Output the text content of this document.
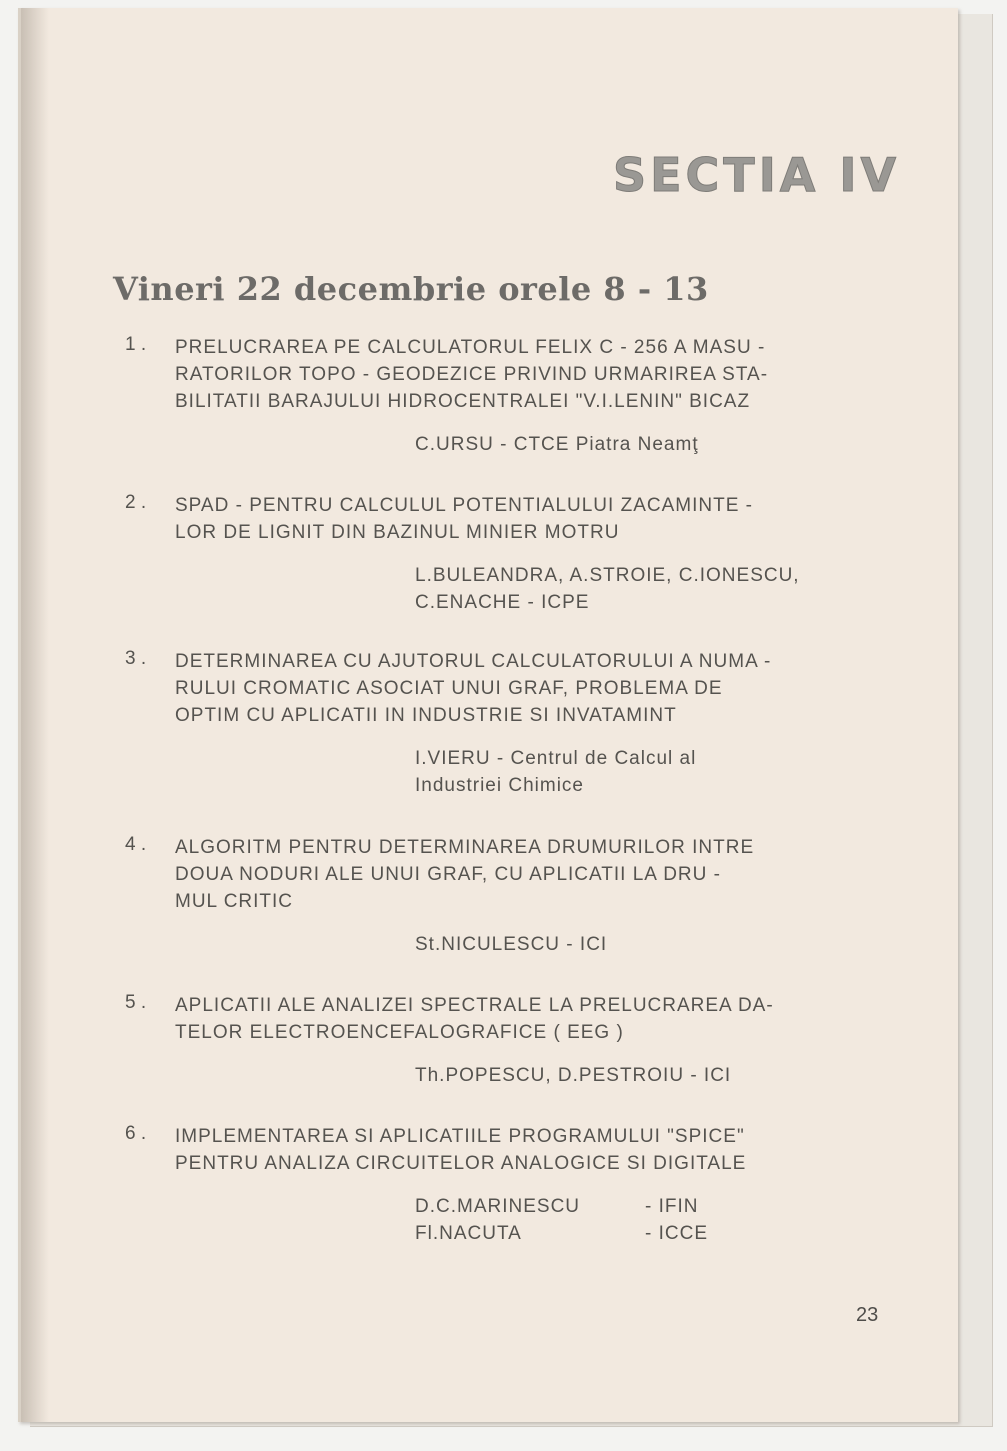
SECTIA IV
Vineri 22 decembrie orele 8 - 13
1 . PRELUCRAREA PE CALCULATORUL FELIX C - 256 A MASU -
RATORILOR TOPO - GEODEZICE PRIVIND URMARIREA STA-
BILITATII BARAJULUI HIDROCENTRALEI "V.I.LENIN" BICAZ
C.URSU - CTCE Piatra Neamţ
2 . SPAD - PENTRU CALCULUL POTENTIALULUI ZACAMINTE -
LOR DE LIGNIT DIN BAZINUL MINIER MOTRU
L.BULEANDRA, A.STROIE, C.IONESCU,
C.ENACHE - ICPE
3 . DETERMINAREA CU AJUTORUL CALCULATORULUI A NUMA -
RULUI CROMATIC ASOCIAT UNUI GRAF, PROBLEMA DE
OPTIM CU APLICATII IN INDUSTRIE SI INVATAMINT
I.VIERU - Centrul de Calcul al
Industriei Chimice
4 . ALGORITM PENTRU DETERMINAREA DRUMURILOR INTRE
DOUA NODURI ALE UNUI GRAF, CU APLICATII LA DRU -
MUL CRITIC
St.NICULESCU - ICI
5 . APLICATII ALE ANALIZEI SPECTRALE LA PRELUCRAREA DA-
TELOR ELECTROENCEFALOGRAFICE ( EEG )
Th.POPESCU, D.PESTROIU - ICI
6 . IMPLEMENTAREA SI APLICATIILE PROGRAMULUI "SPICE"
PENTRU ANALIZA CIRCUITELOR ANALOGICE SI DIGITALE
D.C.MARINESCU	- IFIN
Fl.NACUTA	- ICCE
23
